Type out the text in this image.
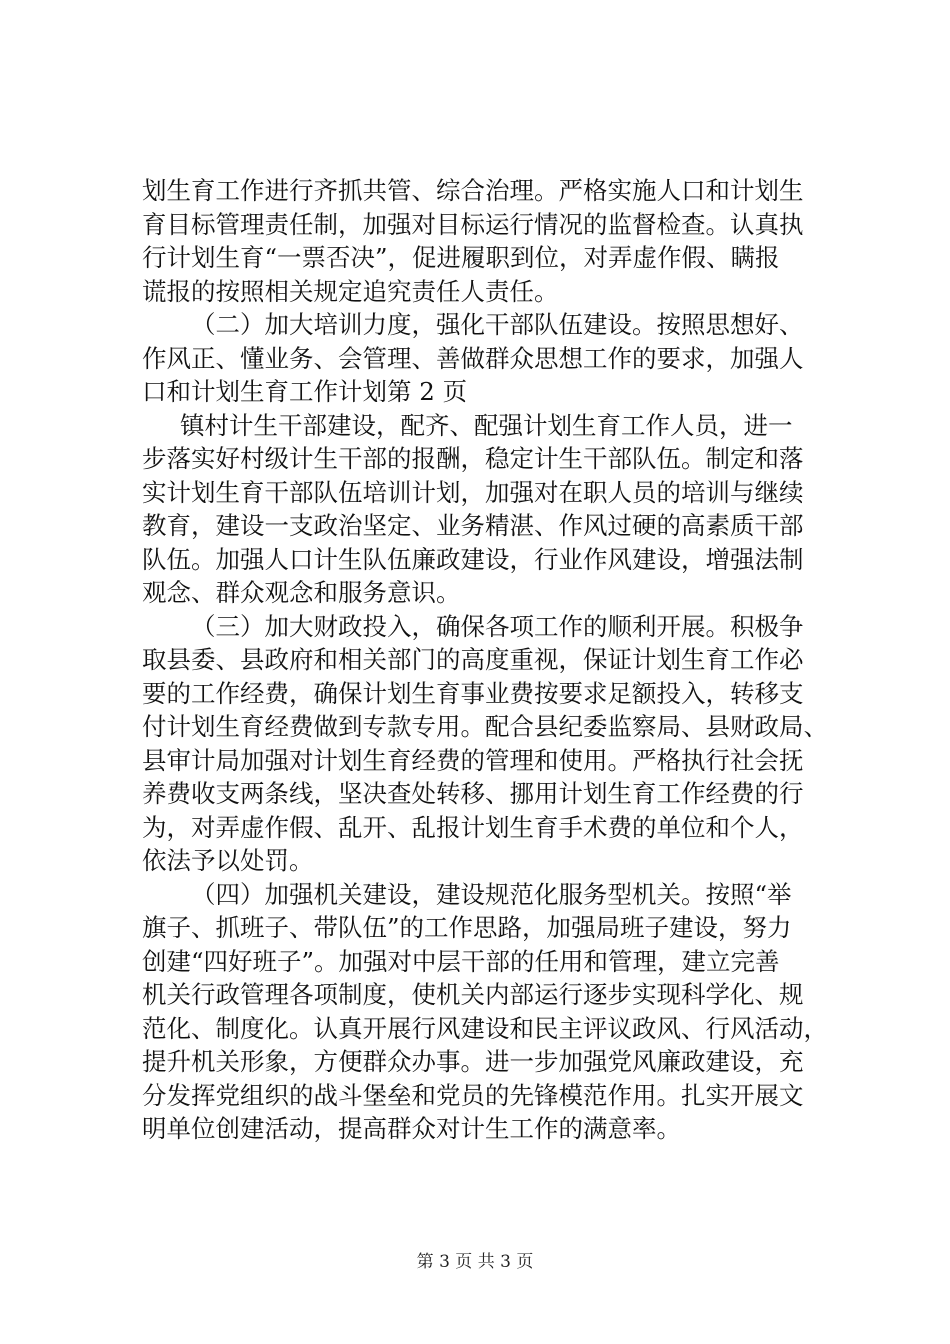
划生育工作进行齐抓共管、综合治理。严格实施人口和计划生
育目标管理责任制，加强对目标运行情况的监督检查。认真执
行计划生育“一票否决”，促进履职到位，对弄虚作假、瞒报
谎报的按照相关规定追究责任人责任。
（二）加大培训力度，强化干部队伍建设。按照思想好、
作风正、懂业务、会管理、善做群众思想工作的要求，加强人
口和计划生育工作计划第 2 页
镇村计生干部建设，配齐、配强计划生育工作人员，进一
步落实好村级计生干部的报酬，稳定计生干部队伍。制定和落
实计划生育干部队伍培训计划，加强对在职人员的培训与继续
教育，建设一支政治坚定、业务精湛、作风过硬的高素质干部
队伍。加强人口计生队伍廉政建设，行业作风建设，增强法制
观念、群众观念和服务意识。
（三）加大财政投入，确保各项工作的顺利开展。积极争
取县委、县政府和相关部门的高度重视，保证计划生育工作必
要的工作经费，确保计划生育事业费按要求足额投入，转移支
付计划生育经费做到专款专用。配合县纪委监察局、县财政局、
县审计局加强对计划生育经费的管理和使用。严格执行社会抚
养费收支两条线，坚决查处转移、挪用计划生育工作经费的行
为，对弄虚作假、乱开、乱报计划生育手术费的单位和个人，
依法予以处罚。
（四）加强机关建设，建设规范化服务型机关。按照“举
旗子、抓班子、带队伍”的工作思路，加强局班子建设，努力
创建“四好班子”。加强对中层干部的任用和管理，建立完善
机关行政管理各项制度，使机关内部运行逐步实现科学化、规
范化、制度化。认真开展行风建设和民主评议政风、行风活动，
提升机关形象，方便群众办事。进一步加强党风廉政建设，充
分发挥党组织的战斗堡垒和党员的先锋模范作用。扎实开展文
明单位创建活动，提高群众对计生工作的满意率。
第 3 页 共 3 页
